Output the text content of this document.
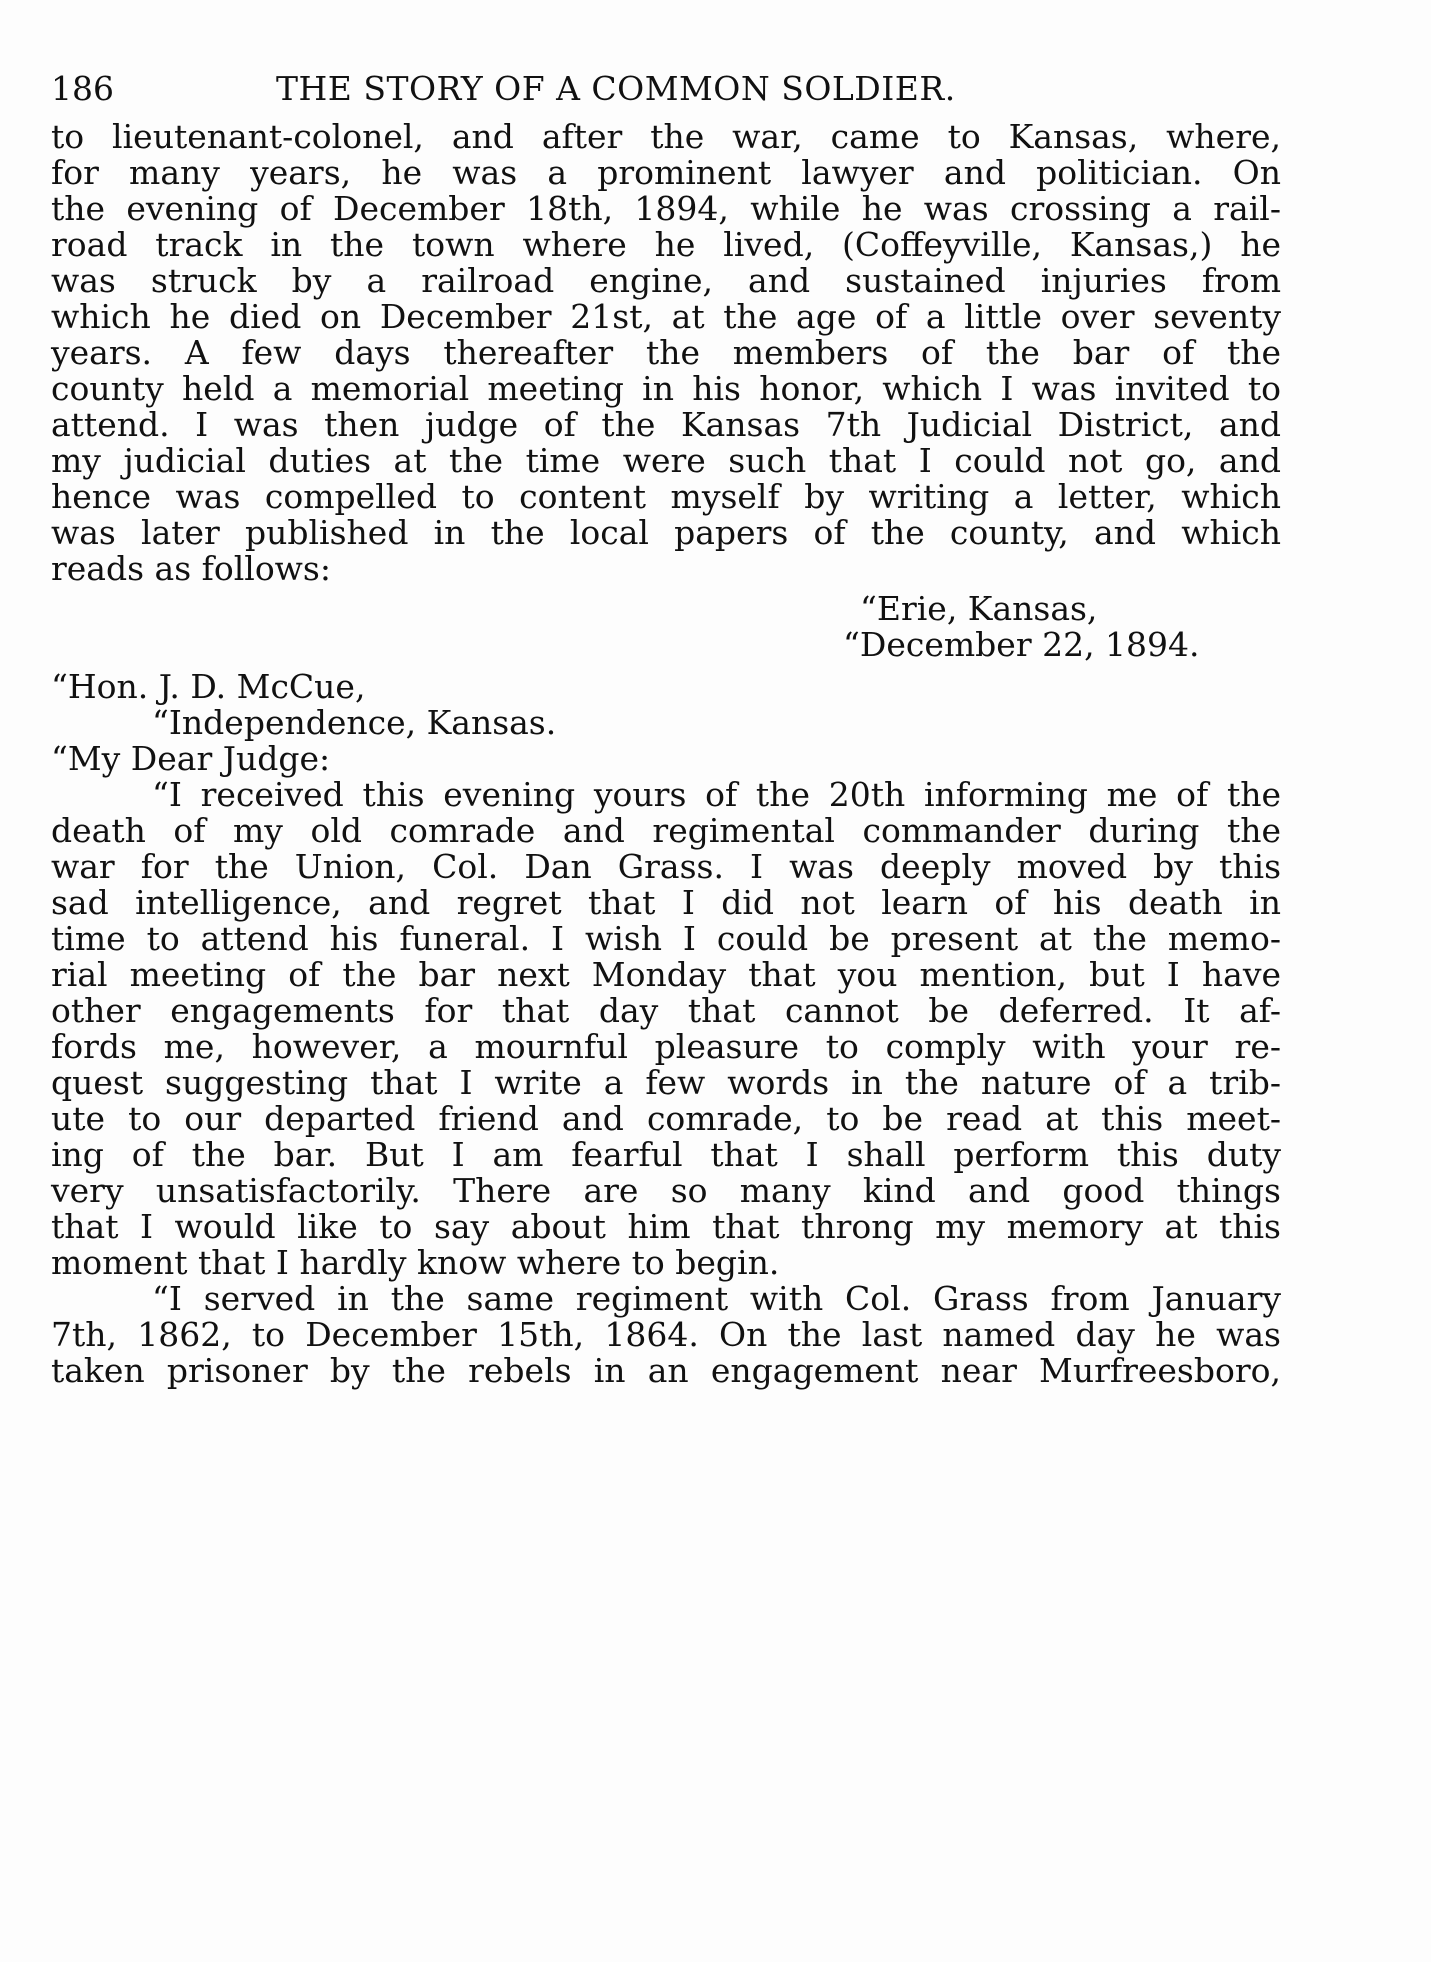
186	THE STORY OF A COMMON SOLDIER.
to lieutenant-colonel, and after the war, came to Kansas, where,
for many years, he was a prominent lawyer and politician. On
the evening of December 18th, 1894, while he was crossing a rail-
road track in the town where he lived, (Coffeyville, Kansas,) he
was struck by a railroad engine, and sustained injuries from
which he died on December 21st, at the age of a little over seventy
years. A few days thereafter the members of the bar of the
county held a memorial meeting in his honor, which I was invited to
attend. I was then judge of the Kansas 7th Judicial District, and
my judicial duties at the time were such that I could not go, and
hence was compelled to content myself by writing a letter, which
was later published in the local papers of the county, and which
reads as follows:
“Erie, Kansas,
“December 22, 1894.
“Hon. J. D. McCue,
“Independence, Kansas.
“My Dear Judge:
“I received this evening yours of the 20th informing me of the
death of my old comrade and regimental commander during the
war for the Union, Col. Dan Grass. I was deeply moved by this
sad intelligence, and regret that I did not learn of his death in
time to attend his funeral. I wish I could be present at the memo-
rial meeting of the bar next Monday that you mention, but I have
other engagements for that day that cannot be deferred. It af-
fords me, however, a mournful pleasure to comply with your re-
quest suggesting that I write a few words in the nature of a trib-
ute to our departed friend and comrade, to be read at this meet-
ing of the bar. But I am fearful that I shall perform this duty
very unsatisfactorily. There are so many kind and good things
that I would like to say about him that throng my memory at this
moment that I hardly know where to begin.
“I served in the same regiment with Col. Grass from January
7th, 1862, to December 15th, 1864. On the last named day he was
taken prisoner by the rebels in an engagement near Murfreesboro,
